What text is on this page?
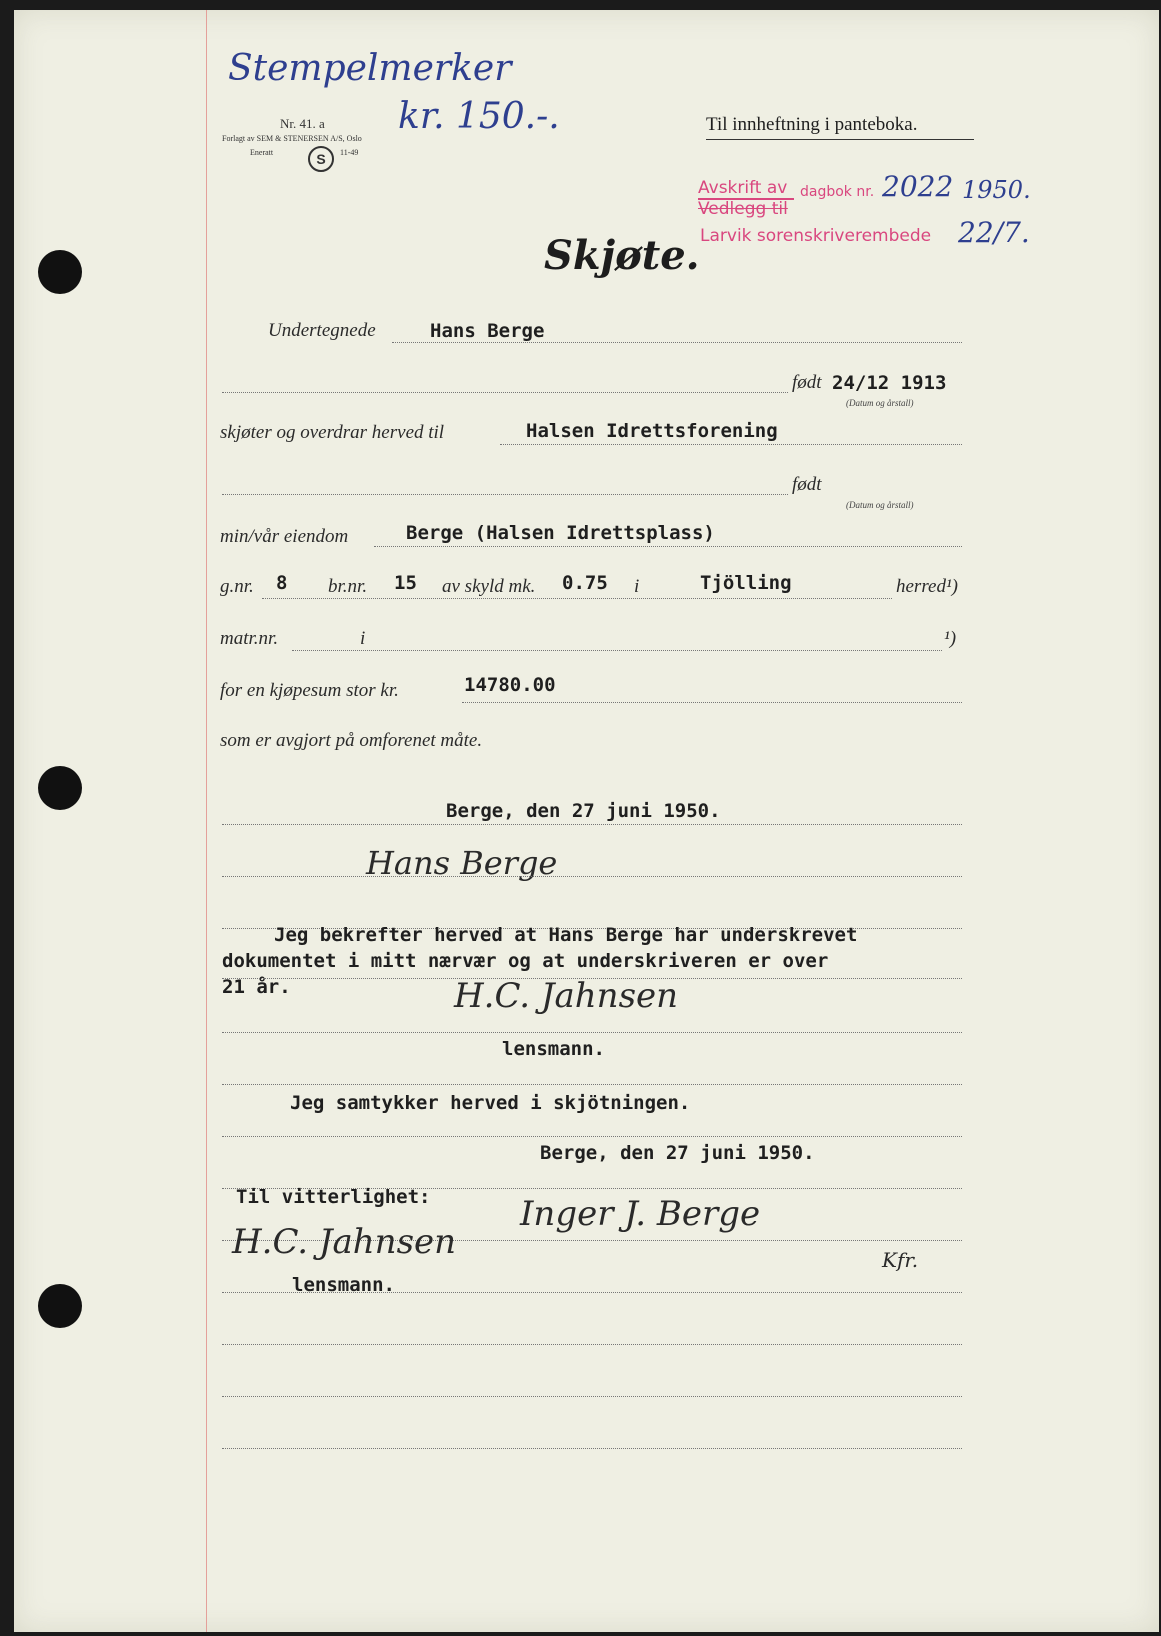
Stempelmerker
Nr. 41. a
Forlagt av SEM & STENERSEN A/S, Oslo
Eneratt	S	11-49
kr. 150.-.	Til innheftning i panteboka.
Avskrift av
Vedlegg til
dagbok nr.
Larvik sorenskriverembede
2022 1950.
22/7.
Skjøte.
Undertegnede	Hans Berge
født 24/12 1913
(Datum og årstall)
skjøter og overdrar herved til	Halsen Idrettsforening
født
(Datum og årstall)
min/vår eiendom	Berge (Halsen Idrettsplass)
g.nr. 8 br.nr. 15 av skyld mk. 0.75 i	Tjölling	herred¹)
matr.nr.	i	¹)
for en kjøpesum stor kr.	14780.00
som er avgjort på omforenet måte.
Berge, den 27 juni 1950.
Hans Berge
Jeg bekrefter herved at Hans Berge har underskrevet
dokumentet i mitt nærvær og at underskriveren er over
21 år.	H.C. Jahnsen
lensmann.
Jeg samtykker herved i skjötningen.
Berge, den 27 juni 1950.
Til vitterlighet:	Inger J. Berge
H.C. Jahnsen	Kfr.
lensmann.
